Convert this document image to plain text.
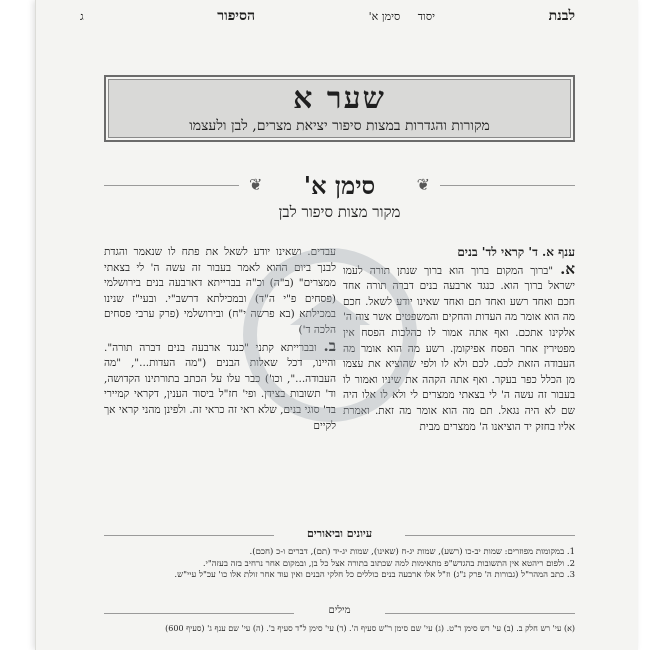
לבנת
יסוד סימן א'
הסיפור
ג
שער א
מקורות והגדרות במצות סיפור יציאת מצרים, לבן ולעצמו
❦
סימן א'
❦
מקור מצות סיפור לבן

ענף א. ד' קראי לד' בנים
א. "ברוך המקום ברוך הוא ברוך שנתן תורה לעמו ישראל ברוך הוא. כנגד ארבעה בנים דברה תורה אחד חכם ואחד רשע ואחד תם ואחד שאינו יודע לשאל. חכם מה הוא אומר מה העדות והחקים והמשפטים אשר צוה ה' אלקינו אתכם. ואף אתה אמור לו כהלכות הפסח אין מפטירין אחר הפסח אפיקומן. רשע מה הוא אומר מה העבודה הזאת לכם. לכם ולא לו ולפי שהוציא את עצמו מן הכלל כפר בעקר. ואף אתה הקהה את שיניו ואמור לו בעבור זה עשה ה' לי בצאתי ממצרים לי ולא לו אלו היה שם לא היה נגאל. תם מה הוא אומר מה זאת. ואמרת אליו בחזק יד הוציאנו ה' ממצרים מבית

עבדים. ושאינו יודע לשאל את פתח לו שנאמר והגדת לבנך ביום ההוא לאמר בעבור זה עשה ה' לי בצאתי ממצרים" (ב"ה) וכ"ה בברייתא דארבעה בנים בירושלמי (פסחים פ"י ה"ד) ובמכילתא דרשב"י. ובעי"ז שנינו במכילתא (בא פרשה י"ח) ובירושלמי (פרק ערבי פסחים הלכה ד')
ב. ובברייתא קתני "כנגד ארבעה בנים דברה תורה". והיינו, דכל שאלות הבנים ("מה העדות...", "מה העבודה...", וכו') כבר עלו על הכתב בתורתינו הקדושה, וד' תשובות בצידן. ופי' חז"ל ביסוד הענין, דקראי קמיירי בד' סוגי בנים, שלא ראי זה כראי זה. ולפינן מהני קראי אך לקיים

עיונים וביאורים
1. במקומות מפוזרים: שמות יב-כו (רשע), שמות יג-ח (שאינו), שמות יג-יד (תם), דברים ו-כ (חכם).
2. ולפום ריהטא אין התשובות בהגדש"פ מתאימות למה שכתוב בתורה אצל כל בן, ובמקום אחר נרחיב בזה בעזה"י.
3. כתב המהר"ל (גבורות ה' פרק נ"ג) וז"ל אלו ארבעה בנים כוללים כל חלקי הבנים ואין עוד אחר זולת אלו כו' עכ"ל עיי"ש.
מילים
(א) עי' רש חלק ב. (ב) עי' רש סימן ר"ט. (ג) עי' שם סימן ר"ש סעיף ה'. (ד) עי' סימן ל"ד סעיף ב'. (ה) עי' שם ענף ג' (סעיף 600)
